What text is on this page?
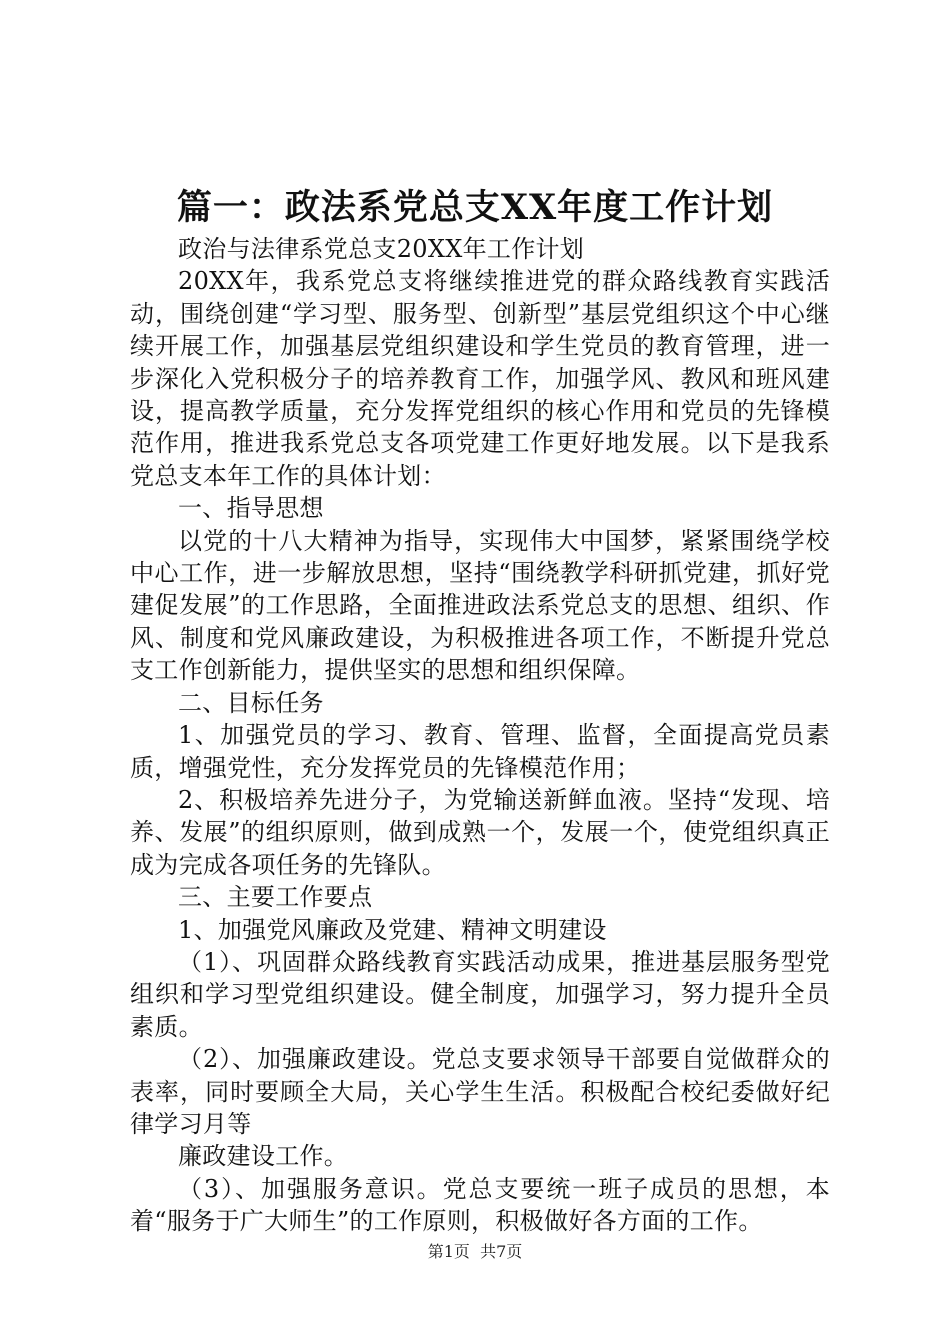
篇一：政法系党总支XX年度工作计划

政治与法律系党总支20XX年工作计划

20XX年，我系党总支将继续推进党的群众路线教育实践活动，围绕创建“学习型、服务型、创新型”基层党组织这个中心继续开展工作，加强基层党组织建设和学生党员的教育管理，进一步深化入党积极分子的培养教育工作，加强学风、教风和班风建设，提高教学质量，充分发挥党组织的核心作用和党员的先锋模范作用，推进我系党总支各项党建工作更好地发展。以下是我系党总支本年工作的具体计划：

一、指导思想

以党的十八大精神为指导，实现伟大中国梦，紧紧围绕学校中心工作，进一步解放思想，坚持“围绕教学科研抓党建，抓好党建促发展”的工作思路，全面推进政法系党总支的思想、组织、作风、制度和党风廉政建设，为积极推进各项工作，不断提升党总支工作创新能力，提供坚实的思想和组织保障。

二、目标任务

1、加强党员的学习、教育、管理、监督，全面提高党员素质，增强党性，充分发挥党员的先锋模范作用；

2、积极培养先进分子，为党输送新鲜血液。坚持“发现、培养、发展”的组织原则，做到成熟一个，发展一个，使党组织真正成为完成各项任务的先锋队。

三、主要工作要点

1、加强党风廉政及党建、精神文明建设

（1）、巩固群众路线教育实践活动成果，推进基层服务型党组织和学习型党组织建设。健全制度，加强学习，努力提升全员素质。

（2）、加强廉政建设。党总支要求领导干部要自觉做群众的表率，同时要顾全大局，关心学生生活。积极配合校纪委做好纪律学习月等

廉政建设工作。

（3）、加强服务意识。党总支要统一班子成员的思想，本着“服务于广大师生”的工作原则，积极做好各方面的工作。

第1页  共7页
